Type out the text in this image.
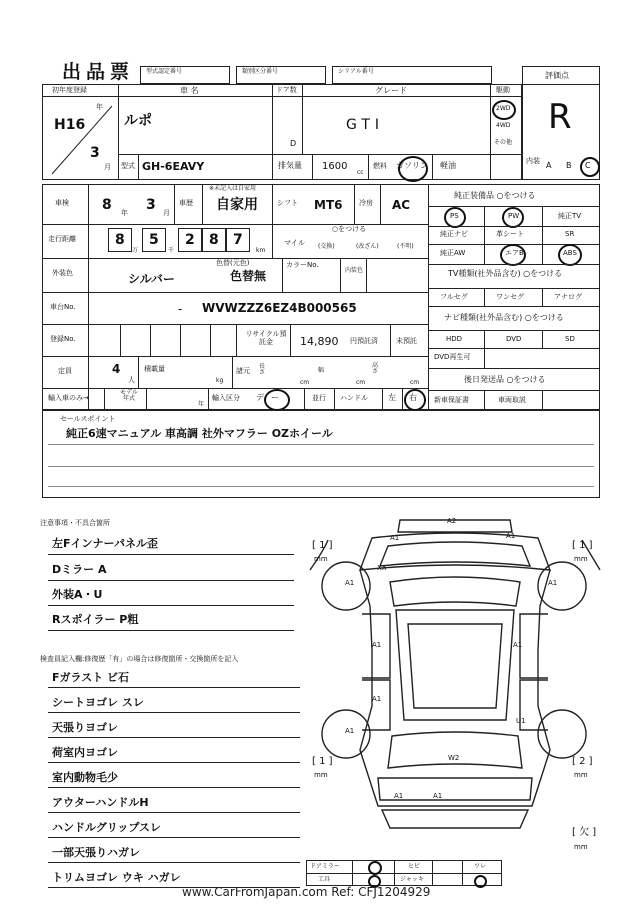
出品票 型式認定番号	類別区分番号	シリアル番号	評価点
R
初年度登録
H16
年
3
月
車 名
ルポ
ドア数
D
グレード
GTI
駆動
2WD
4WD
その他
型式 GH-6EAVY	排気量 1600
cc
燃料 ガソリン 軽油	内装 A B C
車検 8 年 3 月
車歴
※未記入は自家用
自家用	シフト MT6 冷房 AC
走行距離	8
万
5
千
2 8 7
km
マイル
○をつける
(交換)	(改ざん)	(不明)
外装色	シルバー
色替(元色)
色替無
カラーNo.
内装色
車台No.	- WVWZZZ6EZ4B000565
登録No.
リサイクル預託金	14,890 円預託済	未預託
定員	4
人
積載量
kg
諸元
長さ
cm
幅
cm
高さ
cm
輸入車のみ→
モデル年式
年
輸入区分 デ ー	並行 ハンドル	左 右
純正装備品 ○をつける
PS	PW	純正TV
純正ナビ	革シート	SR
純正AW	エアB	ABS
TV種類(社外品含む) ○をつける
フルセグ	ワンセグ	アナログ
ナビ種類(社外品含む) ○をつける
HDD	DVD	SD
DVD再生可
後日発送品 ○をつける
新車保証書	車両取説
セールスポイント
純正6速マニュアル 車高調 社外マフラー OZホイール
注意事項・不具合箇所
左Fインナーパネル歪
Dミラー A
外装A・U
Rスポイラー P粗
検査員記入欄:修復歴「有」の場合は修復箇所・交換箇所を記入
Fガラスト ビ石
シートヨゴレ スレ
天張りヨゴレ
荷室内ヨゴレ
室内動物毛少
アウターハンドルH
ハンドルグリップスレ
一部天張りハガレ
トリムヨゴレ ウキ ハガレ
A2
A1	A1
XX
A1	A1
A1	A1
A1
A1
U1
W2
A1	A1
[ 1 ]
mm
[ 1 ]
mm
[ 1 ]
mm
[ 2 ]
mm
[ 欠 ]
mm
ドアミラー	ヒビ	ワレ
工具	ジャッキ
www.CarFromJapan.com Ref: CFJ1204929
